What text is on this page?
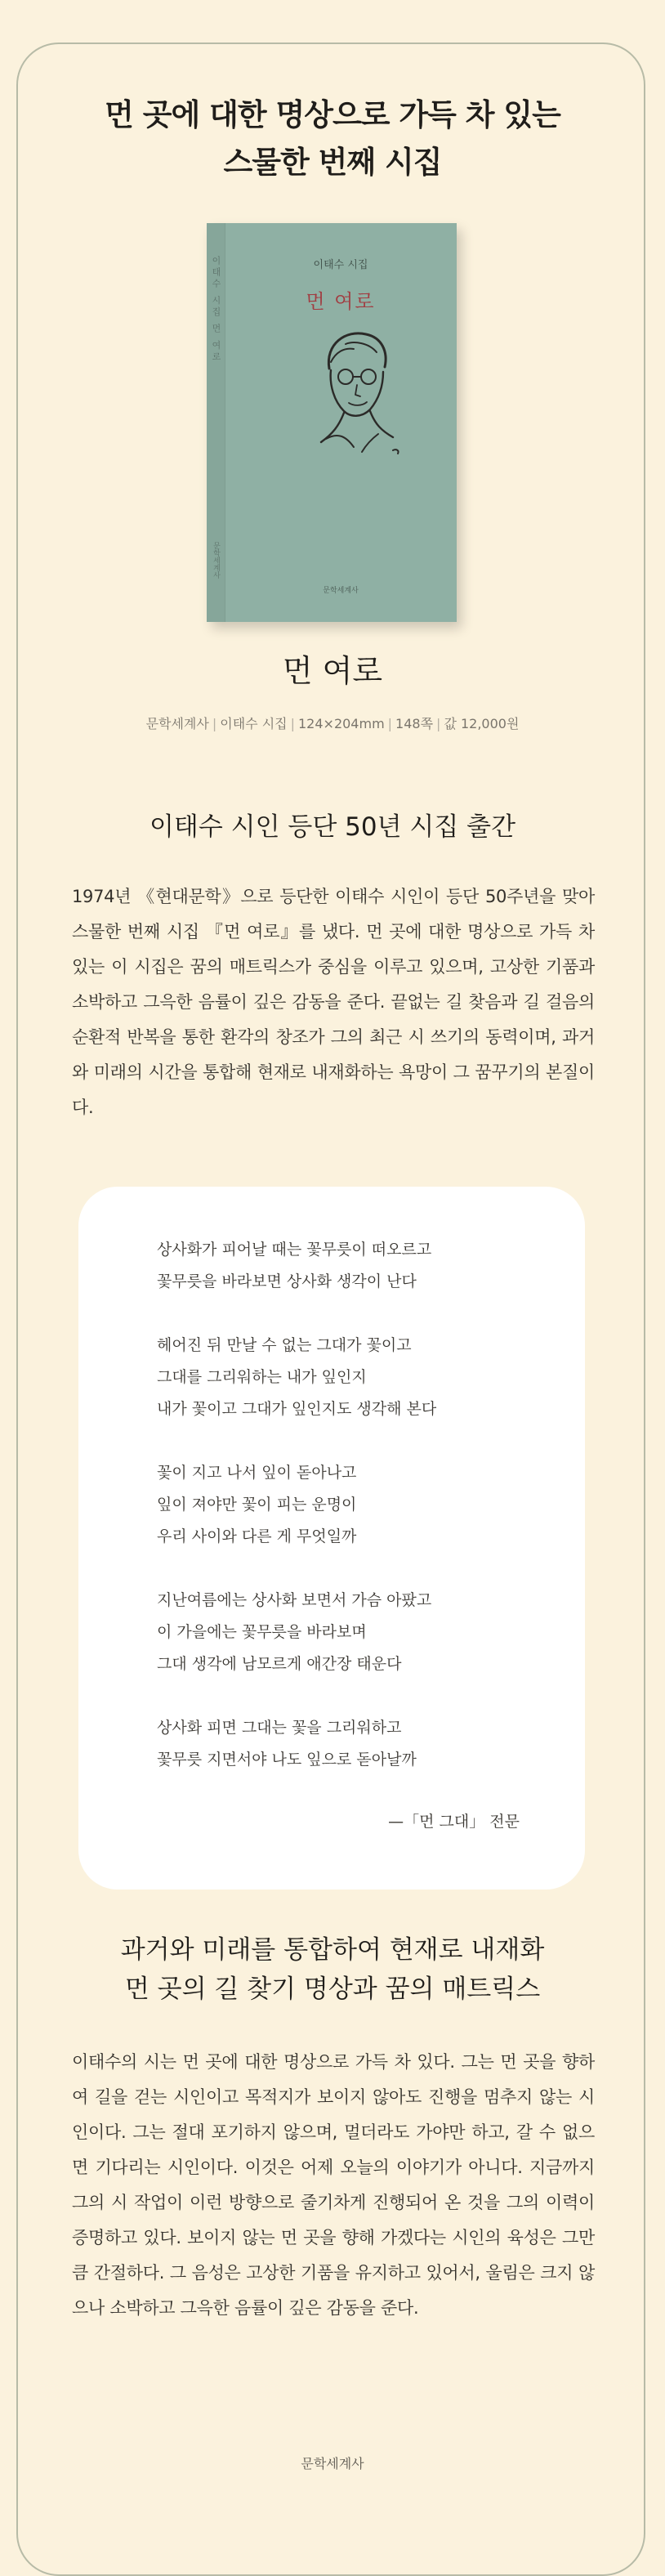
먼 곳에 대한 명상으로 가득 차 있는
스물한 번째 시집
이태수 시집 먼 여로
문학세계사
이태수 시집
먼 여로
문학세계사
먼 여로
문학세계사 | 이태수 시집 | 124×204mm | 148쪽 | 값 12,000원
이태수 시인 등단 50년 시집 출간
1974년 《현대문학》으로 등단한 이태수 시인이 등단 50주년을 맞아 스물한 번째 시집 『먼 여로』를 냈다. 먼 곳에 대한 명상으로 가득 차 있는 이 시집은 꿈의 매트릭스가 중심을 이루고 있으며, 고상한 기품과 소박하고 그윽한 음률이 깊은 감동을 준다. 끝없는 길 찾음과 길 걸음의 순환적 반복을 통한 환각의 창조가 그의 최근 시 쓰기의 동력이며, 과거와 미래의 시간을 통합해 현재로 내재화하는 욕망이 그 꿈꾸기의 본질이다.
상사화가 피어날 때는 꽃무릇이 떠오르고
꽃무릇을 바라보면 상사화 생각이 난다
헤어진 뒤 만날 수 없는 그대가 꽃이고
그대를 그리워하는 내가 잎인지
내가 꽃이고 그대가 잎인지도 생각해 본다
꽃이 지고 나서 잎이 돋아나고
잎이 져야만 꽃이 피는 운명이
우리 사이와 다른 게 무엇일까
지난여름에는 상사화 보면서 가슴 아팠고
이 가을에는 꽃무릇을 바라보며
그대 생각에 남모르게 애간장 태운다
상사화 피면 그대는 꽃을 그리워하고
꽃무릇 지면서야 나도 잎으로 돋아날까
—「먼 그대」 전문
과거와 미래를 통합하여 현재로 내재화
먼 곳의 길 찾기 명상과 꿈의 매트릭스
이태수의 시는 먼 곳에 대한 명상으로 가득 차 있다. 그는 먼 곳을 향하여 길을 걷는 시인이고 목적지가 보이지 않아도 진행을 멈추지 않는 시인이다. 그는 절대 포기하지 않으며, 멀더라도 가야만 하고, 갈 수 없으면 기다리는 시인이다. 이것은 어제 오늘의 이야기가 아니다. 지금까지 그의 시 작업이 이런 방향으로 줄기차게 진행되어 온 것을 그의 이력이 증명하고 있다. 보이지 않는 먼 곳을 향해 가겠다는 시인의 육성은 그만큼 간절하다. 그 음성은 고상한 기품을 유지하고 있어서, 울림은 크지 않으나 소박하고 그윽한 음률이 깊은 감동을 준다.
문학세계사
